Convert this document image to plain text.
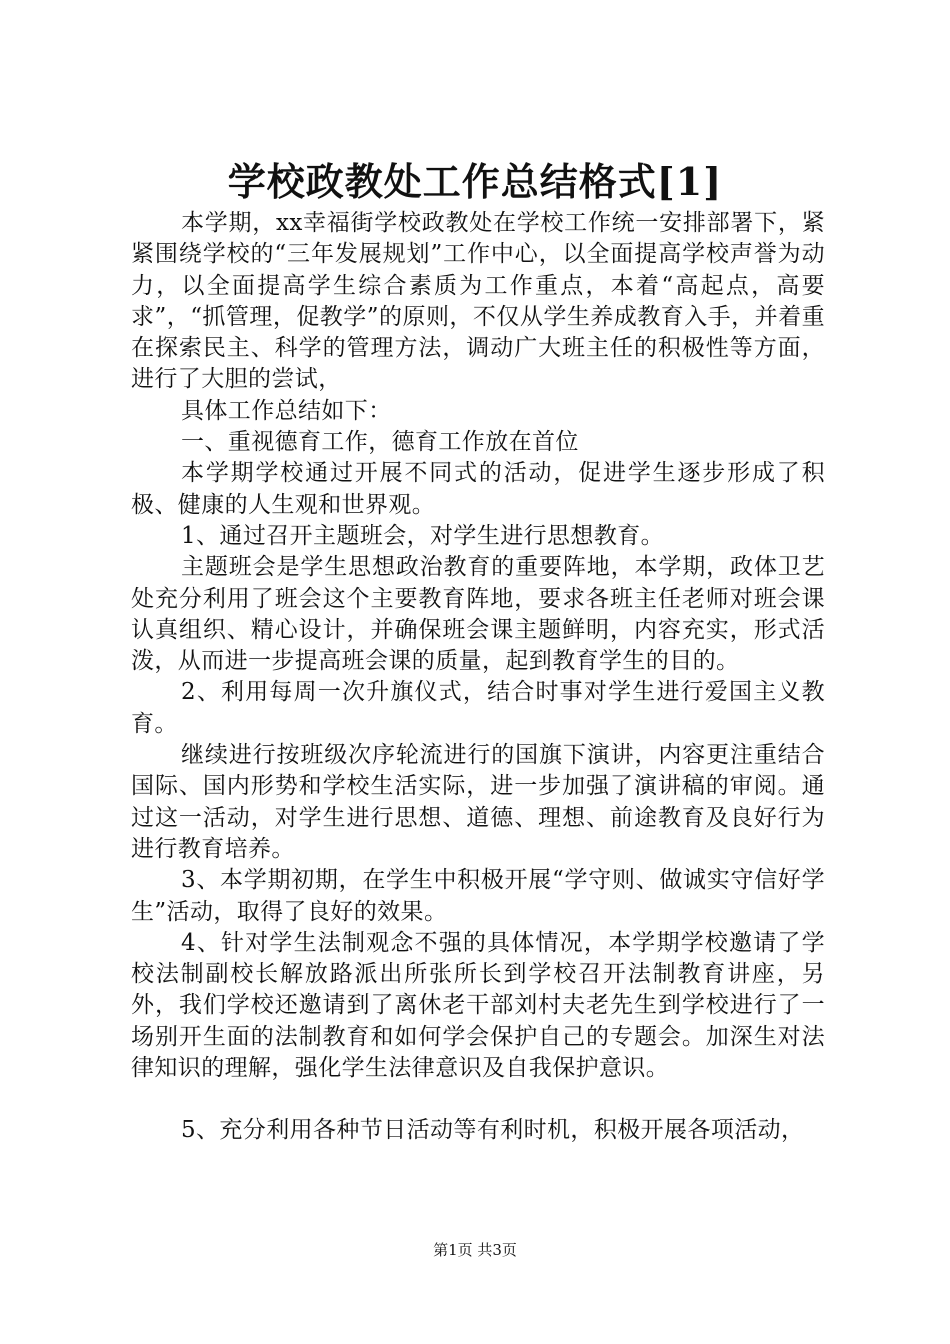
学校政教处工作总结格式[1]

本学期，xx幸福街学校政教处在学校工作统一安排部署下，紧紧围绕学校的“三年发展规划”工作中心，以全面提高学校声誉为动力，以全面提高学生综合素质为工作重点，本着“高起点，高要求”，“抓管理，促教学”的原则，不仅从学生养成教育入手，并着重在探索民主、科学的管理方法，调动广大班主任的积极性等方面，进行了大胆的尝试，

具体工作总结如下：

一、重视德育工作，德育工作放在首位

本学期学校通过开展不同式的活动，促进学生逐步形成了积极、健康的人生观和世界观。

1、通过召开主题班会，对学生进行思想教育。

主题班会是学生思想政治教育的重要阵地，本学期，政体卫艺处充分利用了班会这个主要教育阵地，要求各班主任老师对班会课认真组织、精心设计，并确保班会课主题鲜明，内容充实，形式活泼，从而进一步提高班会课的质量，起到教育学生的目的。

2、利用每周一次升旗仪式，结合时事对学生进行爱国主义教育。

继续进行按班级次序轮流进行的国旗下演讲，内容更注重结合国际、国内形势和学校生活实际，进一步加强了演讲稿的审阅。通过这一活动，对学生进行思想、道德、理想、前途教育及良好行为进行教育培养。

3、本学期初期，在学生中积极开展“学守则、做诚实守信好学生”活动，取得了良好的效果。

4、针对学生法制观念不强的具体情况，本学期学校邀请了学校法制副校长解放路派出所张所长到学校召开法制教育讲座，另外，我们学校还邀请到了离休老干部刘村夫老先生到学校进行了一场别开生面的法制教育和如何学会保护自己的专题会。加深生对法律知识的理解，强化学生法律意识及自我保护意识。

5、充分利用各种节日活动等有利时机，积极开展各项活动，

第1页 共3页
